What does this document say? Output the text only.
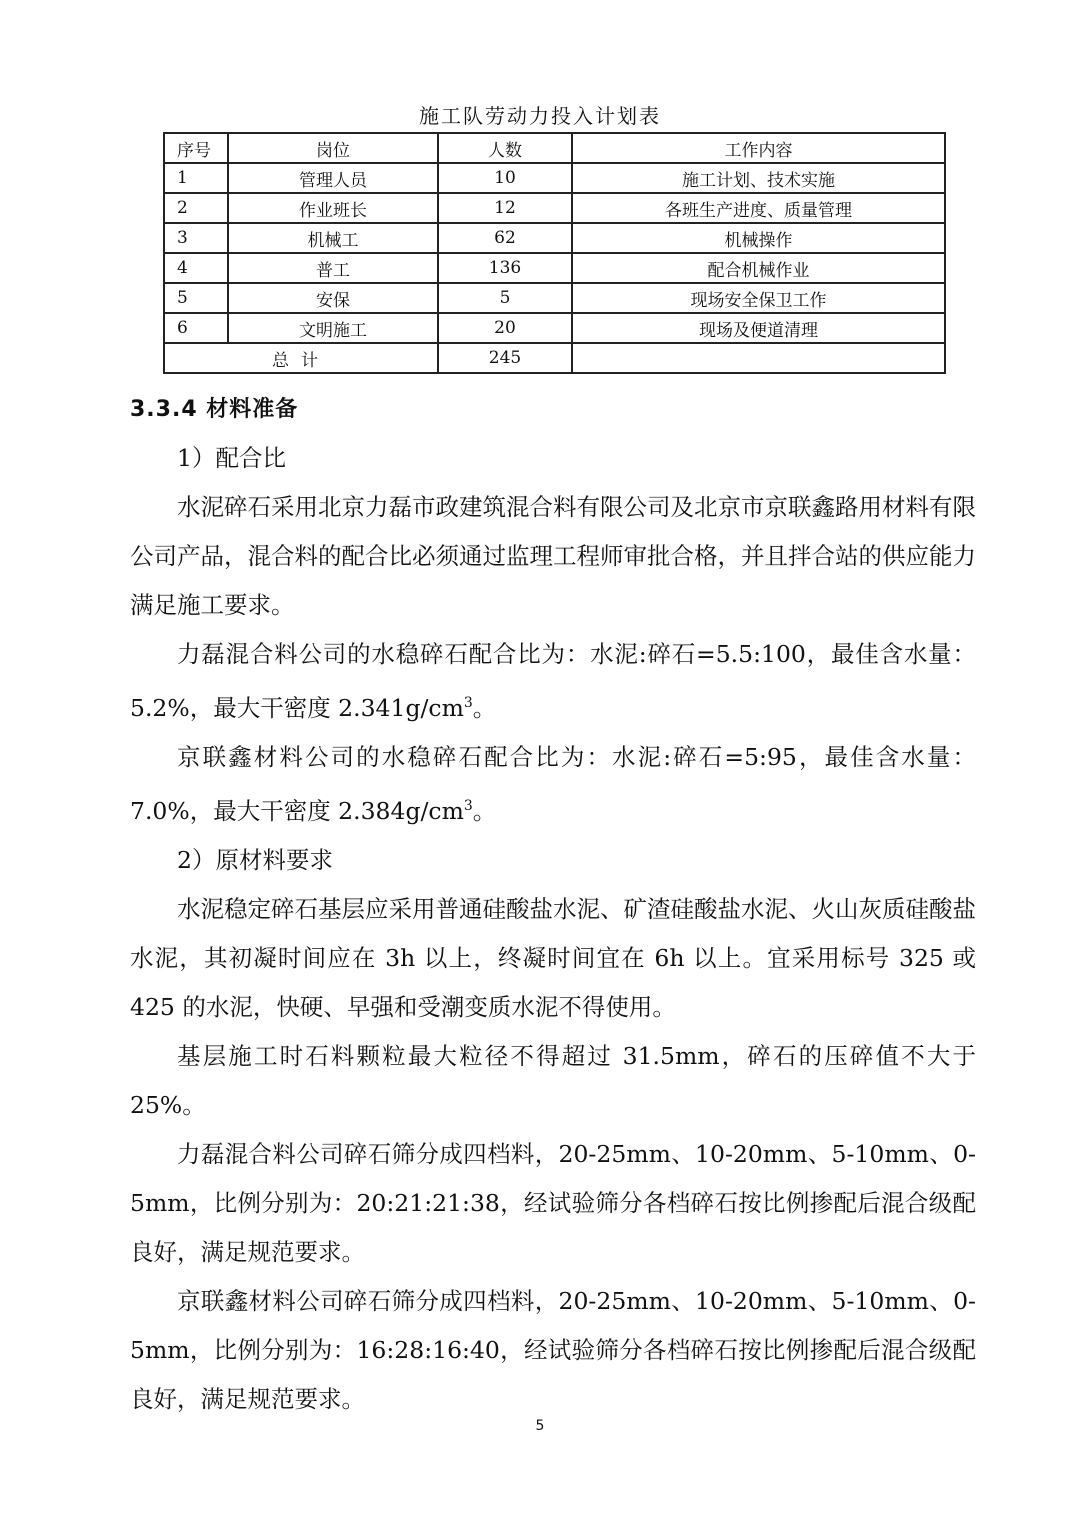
施工队劳动力投入计划表
序号	岗位	人数	工作内容
1	管理人员	10	施工计划、技术实施
2	作业班长	12	各班生产进度、质量管理
3	机械工	62	机械操作
4	普工	136	配合机械作业
5	安保	5	现场安全保卫工作
6	文明施工	20	现场及便道清理
总计		245	
3.3.4 材料准备

1）配合比

水泥碎石采用北京力磊市政建筑混合料有限公司及北京市京联鑫路用材料有限公司产品，混合料的配合比必须通过监理工程师审批合格，并且拌合站的供应能力满足施工要求。

力磊混合料公司的水稳碎石配合比为：水泥:碎石=5.5:100，最佳含水量：5.2%，最大干密度 $2.341g/cm^3$。

京联鑫材料公司的水稳碎石配合比为：水泥:碎石=5:95，最佳含水量：7.0%，最大干密度 $2.384g/cm^3$。

2）原材料要求

水泥稳定碎石基层应采用普通硅酸盐水泥、矿渣硅酸盐水泥、火山灰质硅酸盐水泥，其初凝时间应在 3h 以上，终凝时间宜在 6h 以上。宜采用标号 325 或 425 的水泥，快硬、早强和受潮变质水泥不得使用。

基层施工时石料颗粒最大粒径不得超过 31.5mm，碎石的压碎值不大于 25%。

力磊混合料公司碎石筛分成四档料，20-25mm、10-20mm、5-10mm、0-5mm，比例分别为：20:21:21:38，经试验筛分各档碎石按比例掺配后混合级配良好，满足规范要求。

京联鑫材料公司碎石筛分成四档料，20-25mm、10-20mm、5-10mm、0-5mm，比例分别为：16:28:16:40，经试验筛分各档碎石按比例掺配后混合级配良好，满足规范要求。

5
